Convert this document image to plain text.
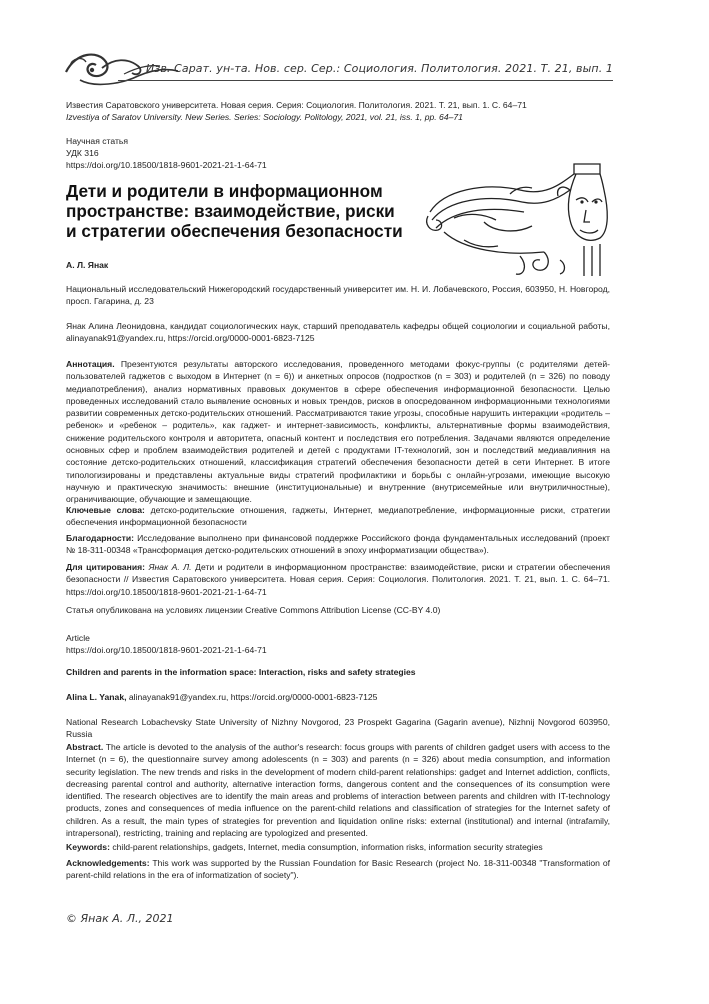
Изв. Сарат. ун-та. Нов. сер. Сер.: Социология. Политология. 2021. Т. 21, вып. 1
Известия Саратовского университета. Новая серия. Серия: Социология. Политология. 2021. Т. 21, вып. 1. С. 64–71
Izvestiya of Saratov University. New Series. Series: Sociology. Politology, 2021, vol. 21, iss. 1, pp. 64–71
Научная статья
УДК 316
https://doi.org/10.18500/1818-9601-2021-21-1-64-71
Дети и родители в информационном
пространстве: взаимодействие, риски
и стратегии обеспечения безопасности
А. Л. Янак
Национальный исследовательский Нижегородский государственный университет им. Н. И. Лобачевского, Россия, 603950, Н. Новгород, просп. Гагарина, д. 23
Янак Алина Леонидовна, кандидат социологических наук, старший преподаватель кафедры общей социологии и социальной работы, alinayanak91@yandex.ru, https://orcid.org/0000-0001-6823-7125
Аннотация. Презентуются результаты авторского исследования, проведенного методами фокус-группы (с родителями детей-пользователей гаджетов с выходом в Интернет (n = 6)) и анкетных опросов (подростков (n = 303) и родителей (n = 326) по поводу медиапотребления), анализ нормативных правовых документов в сфере обеспечения информационной безопасности. Целью проведенных исследований стало выявление основных и новых трендов, рисков в опосредованном информационными технологиями развитии современных детско-родительских отношений. Рассматриваются такие угрозы, способные нарушить интеракции «родитель – ребенок» и «ребенок – родитель», как гаджет- и интернет-зависимость, конфликты, альтернативные формы взаимодействия, снижение родительского контроля и авторитета, опасный контент и последствия его потребления. Задачами являются определение основных сфер и проблем взаимодействия родителей и детей с продуктами IT-технологий, зон и последствий медиавлияния на состояние детско-родительских отношений, классификация стратегий обеспечения безопасности детей в сети Интернет. В итоге типологизированы и представлены актуальные виды стратегий профилактики и борьбы с онлайн-угрозами, имеющие высокую научную и практическую значимость: внешние (институциональные) и внутренние (внутрисемейные или внутриличностные), ограничивающие, обучающие и замещающие.
Ключевые слова: детско-родительские отношения, гаджеты, Интернет, медиапотребление, информационные риски, стратегии обеспечения информационной безопасности
Благодарности: Исследование выполнено при финансовой поддержке Российского фонда фундаментальных исследований (проект № 18-311-00348 «Трансформация детско-родительских отношений в эпоху информатизации общества»).
Для цитирования: Янак А. Л. Дети и родители в информационном пространстве: взаимодействие, риски и стратегии обеспечения безопасности // Известия Саратовского университета. Новая серия. Серия: Социология. Политология. 2021. Т. 21, вып. 1. С. 64–71. https://doi.org/10.18500/1818-9601-2021-21-1-64-71
Статья опубликована на условиях лицензии Creative Commons Attribution License (CC-BY 4.0)
Article
https://doi.org/10.18500/1818-9601-2021-21-1-64-71
Children and parents in the information space: Interaction, risks and safety strategies
Alina L. Yanak, alinayanak91@yandex.ru, https://orcid.org/0000-0001-6823-7125
National Research Lobachevsky State University of Nizhny Novgorod, 23 Prospekt Gagarina (Gagarin avenue), Nizhnij Novgorod 603950, Russia
Abstract. The article is devoted to the analysis of the author's research: focus groups with parents of children gadget users with access to the Internet (n = 6), the questionnaire survey among adolescents (n = 303) and parents (n = 326) about media consumption, and information security legislation. The new trends and risks in the development of modern child-parent relationships: gadget and Internet addiction, conflicts, decreasing parental control and authority, alternative interaction forms, dangerous content and the consequences of its consumption were identified. The research objectives are to identify the main areas and problems of interaction between parents and children with IT-technology products, zones and consequences of media influence on the parent-child relations and classification of strategies for the Internet safety of children. As a result, the main types of strategies for prevention and liquidation online risks: external (institutional) and internal (intrafamily, intrapersonal), restricting, training and replacing are typologized and presented.
Keywords: child-parent relationships, gadgets, Internet, media consumption, information risks, information security strategies
Acknowledgements: This work was supported by the Russian Foundation for Basic Research (project No. 18-311-00348 "Transformation of parent-child relations in the era of informatization of society").
© Янак А. Л., 2021
